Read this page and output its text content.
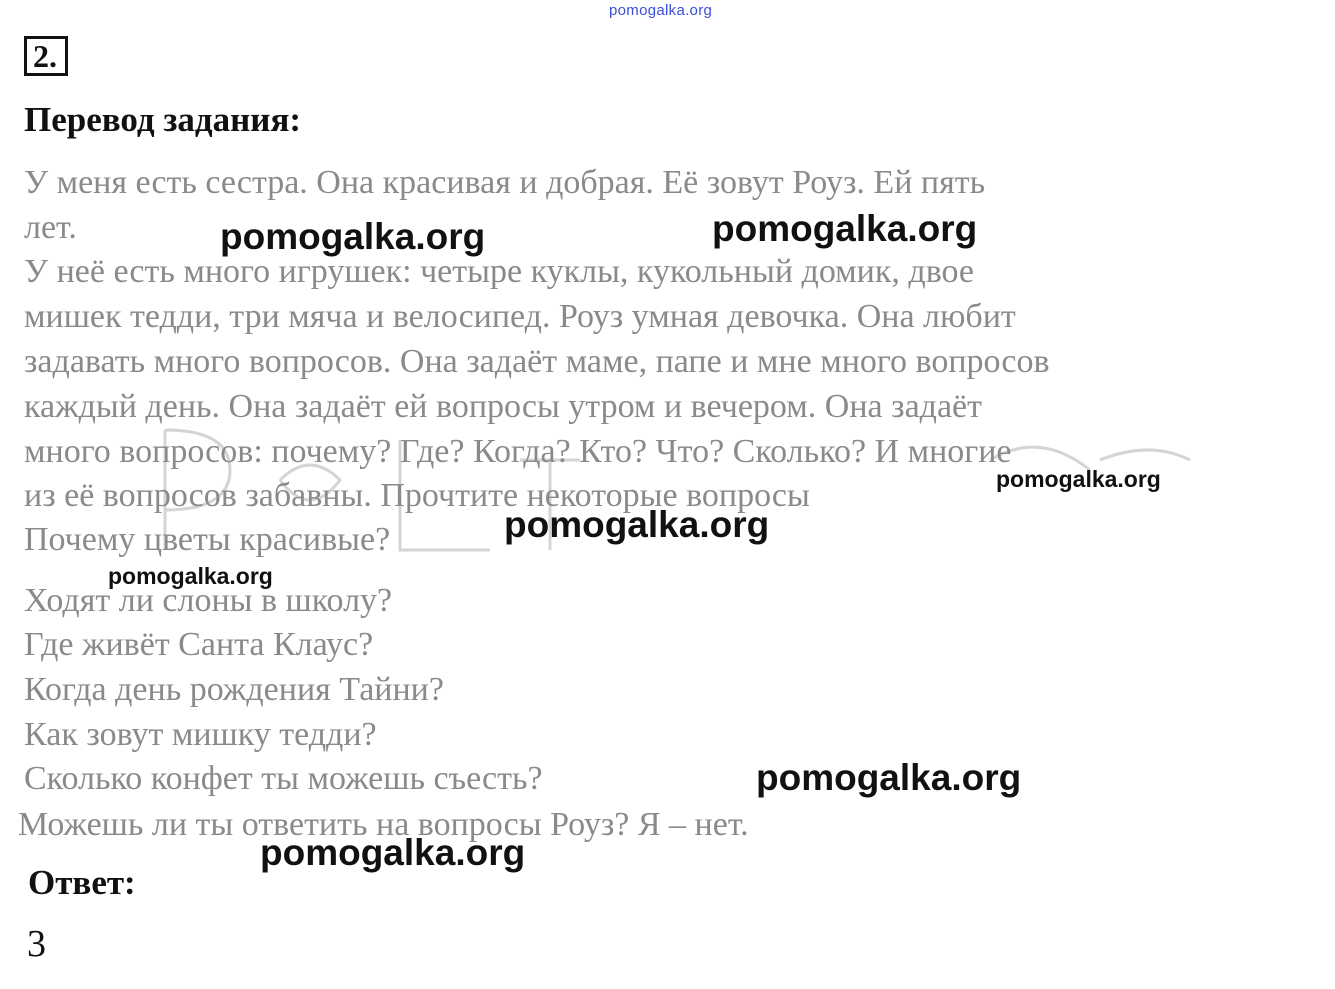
pomogalka.org
2.
Перевод задания:
У меня есть сестра. Она красивая и добрая. Её зовут Роуз. Ей пять
лет.
У неё есть много игрушек: четыре куклы, кукольный домик, двое
мишек тедди, три мяча и велосипед. Роуз умная девочка. Она любит
задавать много вопросов. Она задаёт маме, папе и мне много вопросов
каждый день. Она задаёт ей вопросы утром и вечером. Она задаёт
много вопросов: почему? Где? Когда? Кто? Что? Сколько? И многие
из её вопросов забавны. Прочтите некоторые вопросы
Почему цветы красивые?
Ходят ли слоны в школу?
Где живёт Санта Клаус?
Когда день рождения Тайни?
Как зовут мишку тедди?
Сколько конфет ты можешь съесть?
Можешь ли ты ответить на вопросы Роуз? Я – нет.
Ответ:
3
pomogalka.org	pomogalka.org
pomogalka.org
pomogalka.org
pomogalka.org
pomogalka.org
pomogalka.org
